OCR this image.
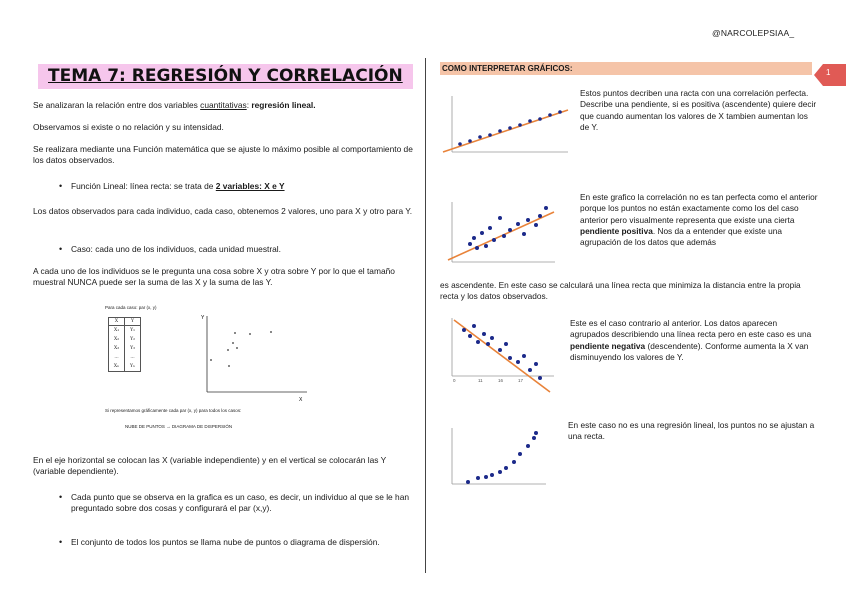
@NARCOLEPSIAA_
TEMA 7: REGRESIÓN Y CORRELACIÓN

Se analizaran la relación entre dos variables cuantitativas: regresión lineal.

Observamos si existe o no relación y su intensidad.

Se realizara mediante una Función matemática que se ajuste lo máximo posible al comportamiento de los datos observados.

• Función Lineal: línea recta: se trata de 2 variables: X e Y

Los datos observados para cada individuo, cada caso, obtenemos 2 valores, uno para X y otro para Y.

• Caso: cada uno de los individuos, cada unidad muestral.

A cada uno de los individuos se le pregunta una cosa sobre X y otra sobre Y por lo que el tamaño muestral NUNCA puede ser la suma de las X y la suma de las Y.

Para cada caso: par (x, y)
X	Y
X₁	Y₁
X₂	Y₂
X₃	Y₃
...	...
Xₙ	Yₙ
Y
X
Si representamos gráficamente cada par (x, y) para todos los casos:
NUBE DE PUNTOS → DIAGRAMA DE DISPERSIÓN

En el eje horizontal se colocan las X (variable independiente) y en el vertical se colocarán las Y (variable dependiente).

• Cada punto que se observa en la grafica es un caso, es decir, un individuo al que se le han preguntado sobre dos cosas y configurará el par (x,y).
• El conjunto de todos los puntos se llama nube de puntos o diagrama de dispersión.
COMO INTERPRETAR GRÁFICOS:	1
Estos puntos decriben una racta con una correlación perfecta. Describe una pendiente, si es positiva (ascendente) quiere decir que cuando aumentan los valores de X tambien aumentan los de Y.
En este grafico la correlación no es tan perfecta como el anterior porque los puntos no están exactamente como los del caso anterior pero visualmente representa que existe una cierta pendiente positiva. Nos da a entender que existe una agrupación de los datos que además
es ascendente. En este caso se calculará una línea recta que minimiza la distancia entre la propia recta y los datos observados.
0	11	16	17
Este es el caso contrario al anterior. Los datos aparecen agrupados describiendo una línea recta pero en este caso es una pendiente negativa (descendente). Conforme aumenta la X van disminuyendo los valores de Y.
En este caso no es una regresión lineal, los puntos no se ajustan a una recta.
